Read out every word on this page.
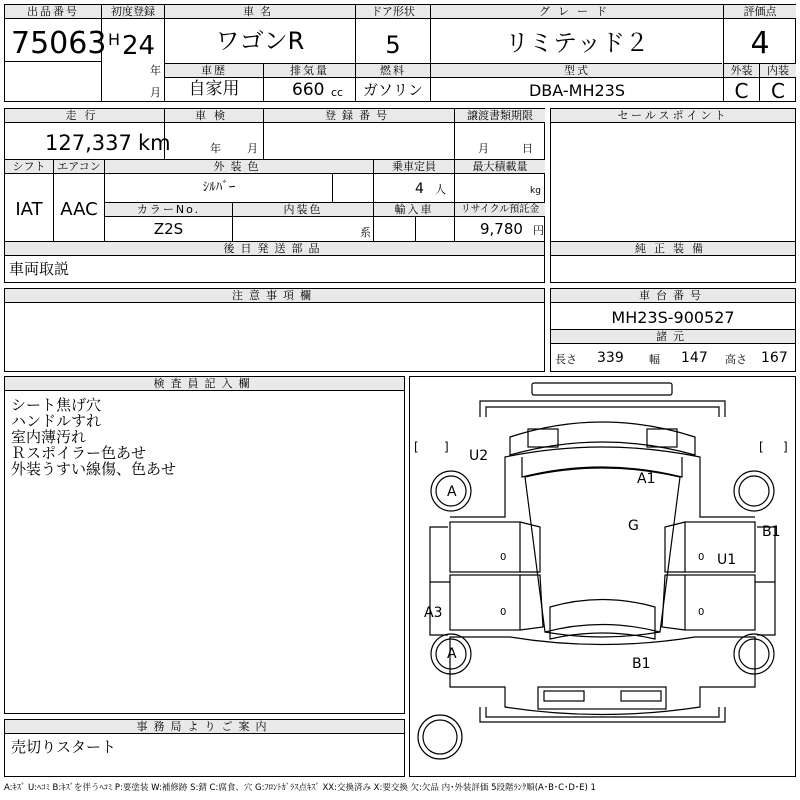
出品番号
75063
初度登録
H 24
年
月
車名
ワゴンR
ドア形状
5
グレード
リミテッド２
評価点
4
車歴
自家用
排気量
660 cc
燃料
ガソリン
型式
DBA-MH23S
外装	内装
C	C
走行
127,337 km
車検
年 月
登録番号	譲渡書類期限
月	日
セールスポイント
純正装備
シフト
IAT
エアコン
AAC
外装色
ｼﾙﾊﾞｰ
乗車定員
4 人
最大積載量
kg
カラーNo.
Z2S
内装色
系
輸入車	リサイクル預託金
9,780 円
後日発送部品
車両取説
注意事項欄	車台番号
MH23S-900527
諸元
長さ 339 幅 147 高さ 167
検査員記入欄
シート焦げ穴
ハンドルすれ
室内薄汚れ
Ｒスポイラー色あせ
外装うすい線傷、色あせ
事務局よりご案内
売切りスタート
[ ]	[ ]
U2
A1
G
A
B1
U1
A3
A
B1
0	0
0	0
A:ｷｽﾞ U:ﾍｺﾐ B:ｷｽﾞを伴うﾍｺﾐ P:要塗装 W:補修跡 S:錆 C:腐食、穴 G:ﾌﾛﾝﾄｶﾞﾗｽ点ｷｽﾞ XX:交換済み X:要交換 欠:欠品 内･外装評価 5段階ﾗﾝｸ順(A･B･C･D･E) 1
